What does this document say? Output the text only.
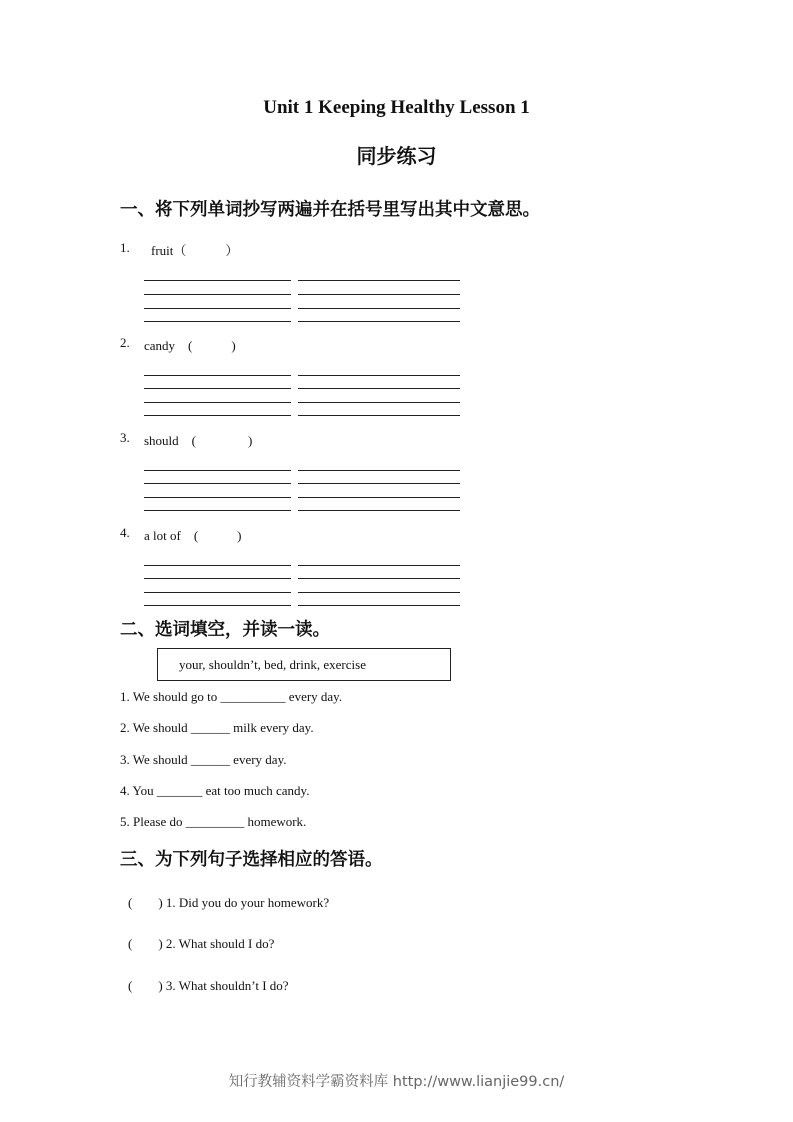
Unit 1 Keeping Healthy Lesson 1
同步练习
一、将下列单词抄写两遍并在括号里写出其中文意思。
1. fruit（　　　）
2. candy　(　　　)
3. should　(　　　　)
4. a lot of　(　　　)
二、选词填空，并读一读。
your, shouldn’t, bed, drink, exercise
1. We should go to __________ every day.
2. We should ______ milk every day.
3. We should ______ every day.
4. You _______ eat too much candy.
5. Please do _________ homework.
三、为下列句子选择相应的答语。
(　　) 1. Did you do your homework?
(　　) 2. What should I do?
(　　) 3. What shouldn’t I do?
知行教辅资料学霸资料库 http://www.lianjie99.cn/
